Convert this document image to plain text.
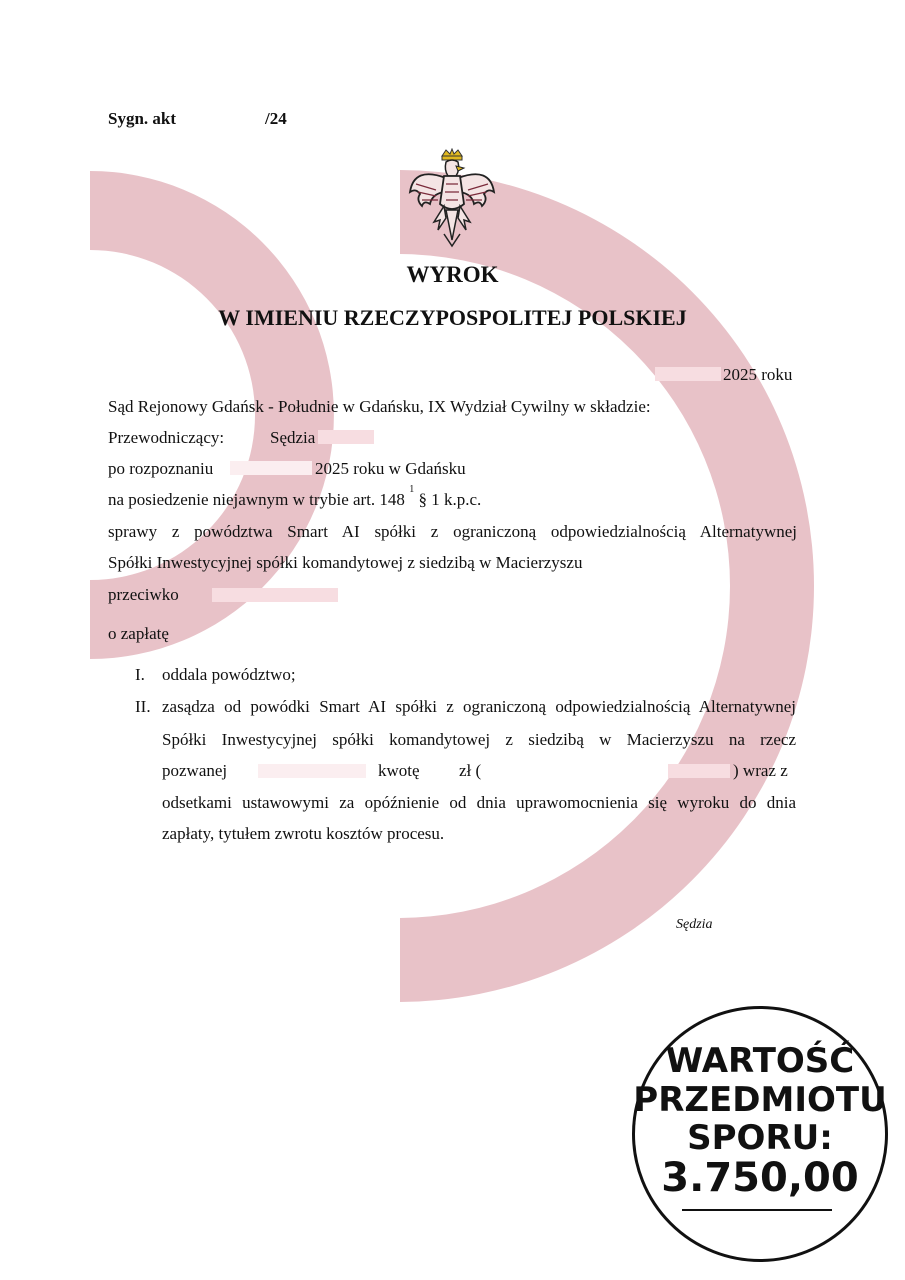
Sygn. akt	/24
WYROK
W IMIENIU RZECZYPOSPOLITEJ POLSKIEJ
2025 roku
Sąd Rejonowy Gdańsk - Południe w Gdańsku, IX Wydział Cywilny w składzie:
Przewodniczący:	Sędzia
po rozpoznaniu	2025 roku w Gdańsku
na posiedzenie niejawnym w trybie art. 148 $^1$ § 1 k.p.c.
sprawy z powództwa Smart AI spółki z ograniczoną odpowiedzialnością Alternatywnej
Spółki Inwestycyjnej spółki komandytowej z siedzibą w Macierzyszu
przeciwko
o zapłatę
I. oddala powództwo;
II. zasądza od powódki Smart AI spółki z ograniczoną odpowiedzialnością Alternatywnej
Spółki Inwestycyjnej spółki komandytowej z siedzibą w Macierzyszu na rzecz
pozwanej	kwotę zł (	) wraz z
odsetkami ustawowymi za opóźnienie od dnia uprawomocnienia się wyroku do dnia
zapłaty, tytułem zwrotu kosztów procesu.
Sędzia
WARTOŚĆ
PRZEDMIOTU
SPORU:
3.750,00
